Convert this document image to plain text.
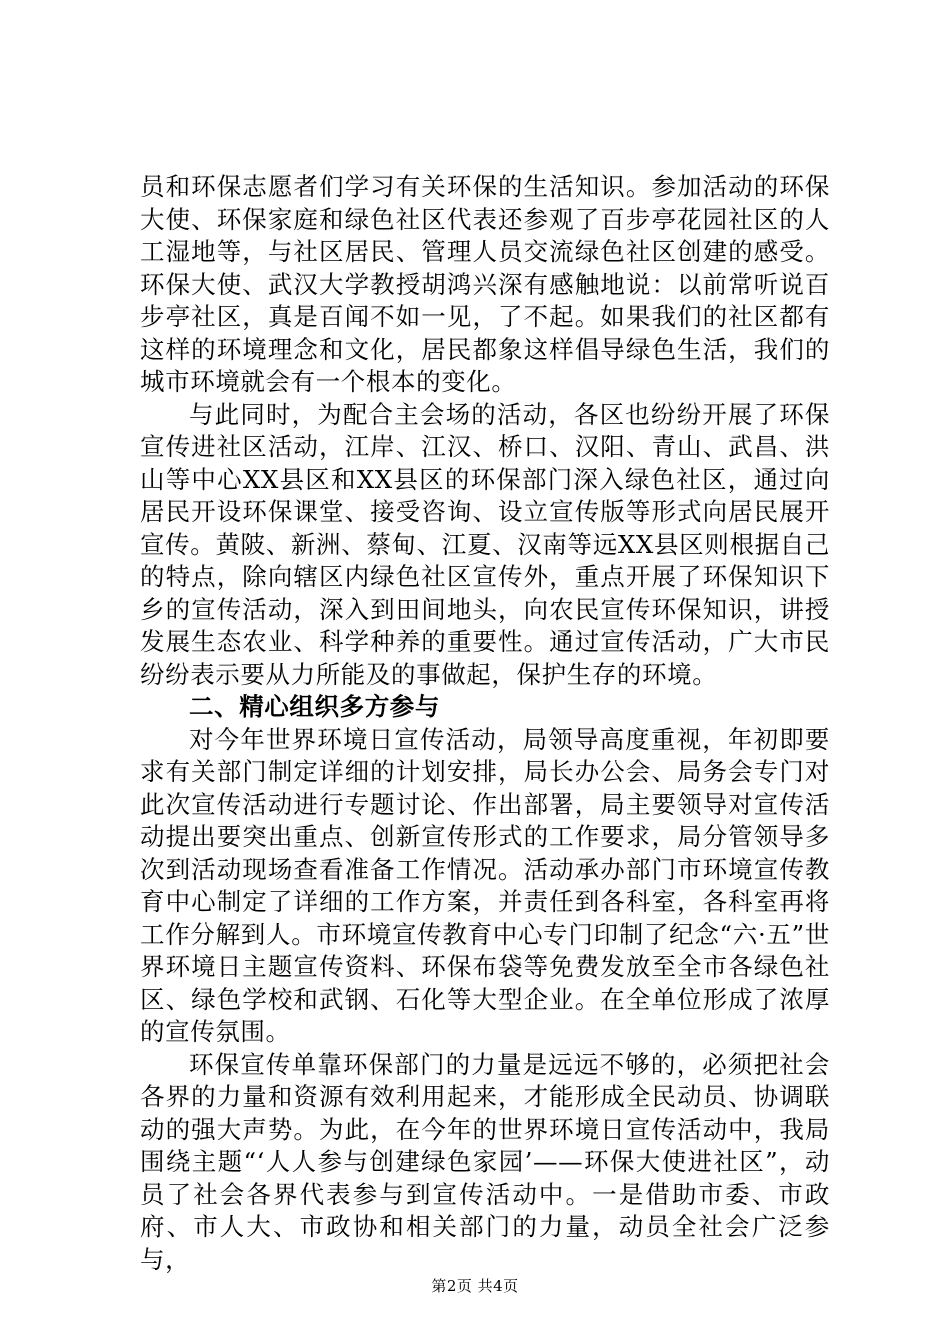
员和环保志愿者们学习有关环保的生活知识。参加活动的环保大使、环保家庭和绿色社区代表还参观了百步亭花园社区的人工湿地等，与社区居民、管理人员交流绿色社区创建的感受。环保大使、武汉大学教授胡鸿兴深有感触地说：以前常听说百步亭社区，真是百闻不如一见，了不起。如果我们的社区都有这样的环境理念和文化，居民都象这样倡导绿色生活，我们的城市环境就会有一个根本的变化。

与此同时，为配合主会场的活动，各区也纷纷开展了环保宣传进社区活动，江岸、江汉、桥口、汉阳、青山、武昌、洪山等中心XX县区和XX县区的环保部门深入绿色社区，通过向居民开设环保课堂、接受咨询、设立宣传版等形式向居民展开宣传。黄陂、新洲、蔡甸、江夏、汉南等远XX县区则根据自己的特点，除向辖区内绿色社区宣传外，重点开展了环保知识下乡的宣传活动，深入到田间地头，向农民宣传环保知识，讲授发展生态农业、科学种养的重要性。通过宣传活动，广大市民纷纷表示要从力所能及的事做起，保护生存的环境。

二、精心组织多方参与

对今年世界环境日宣传活动，局领导高度重视，年初即要求有关部门制定详细的计划安排，局长办公会、局务会专门对此次宣传活动进行专题讨论、作出部署，局主要领导对宣传活动提出要突出重点、创新宣传形式的工作要求，局分管领导多次到活动现场查看准备工作情况。活动承办部门市环境宣传教育中心制定了详细的工作方案，并责任到各科室，各科室再将工作分解到人。市环境宣传教育中心专门印制了纪念“六·五”世界环境日主题宣传资料、环保布袋等免费发放至全市各绿色社区、绿色学校和武钢、石化等大型企业。在全单位形成了浓厚的宣传氛围。

环保宣传单靠环保部门的力量是远远不够的，必须把社会各界的力量和资源有效利用起来，才能形成全民动员、协调联动的强大声势。为此，在今年的世界环境日宣传活动中，我局围绕主题“‘人人参与创建绿色家园’——环保大使进社区”，动员了社会各界代表参与到宣传活动中。一是借助市委、市政府、市人大、市政协和相关部门的力量，动员全社会广泛参与，

第2页 共4页
